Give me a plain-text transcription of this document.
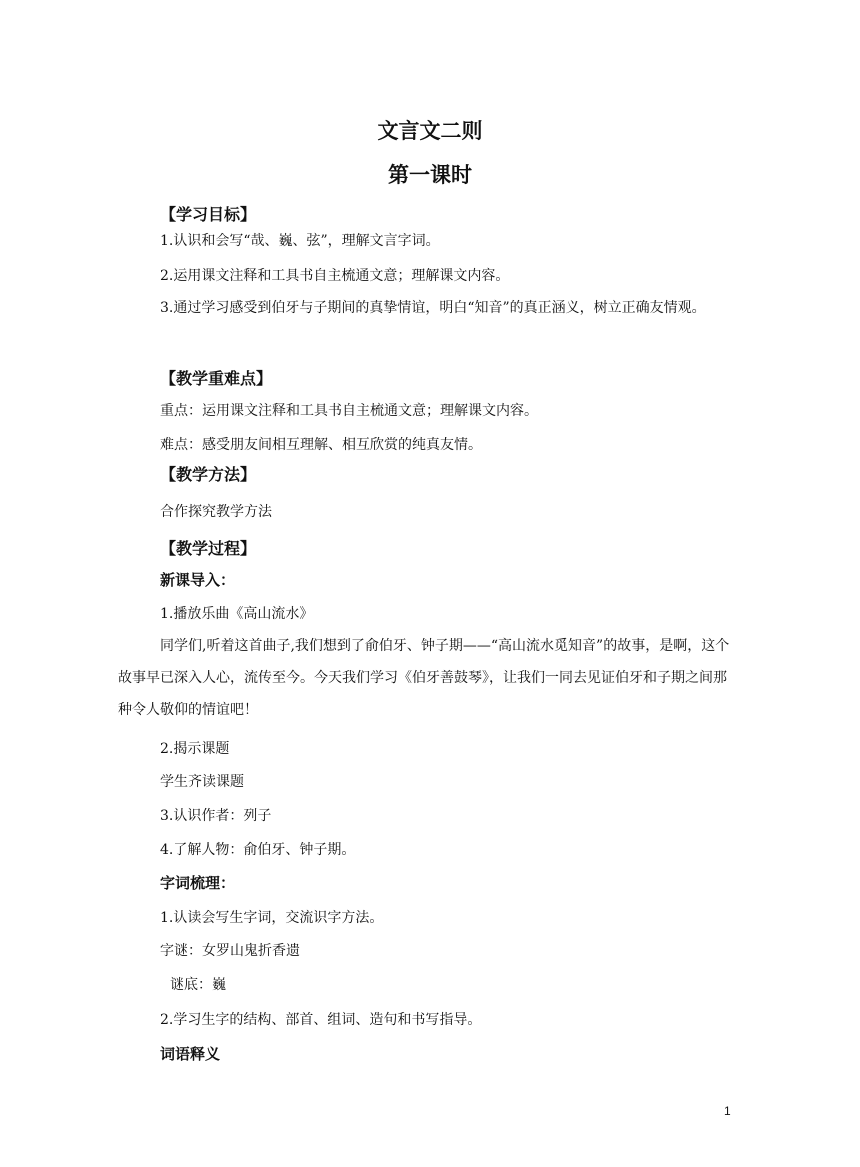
文言文二则
第一课时
【学习目标】

1.认识和会写“哉、巍、弦”，理解文言字词。

2.运用课文注释和工具书自主梳通文意；理解课文内容。

3.通过学习感受到伯牙与子期间的真挚情谊，明白“知音”的真正涵义，树立正确友情观。

【教学重难点】

重点：运用课文注释和工具书自主梳通文意；理解课文内容。

难点：感受朋友间相互理解、相互欣赏的纯真友情。

【教学方法】

合作探究教学方法

【教学过程】
新课导入：

1.播放乐曲《高山流水》

同学们,听着这首曲子,我们想到了俞伯牙、钟子期——“高山流水觅知音”的故事，是啊，这个故事早已深入人心，流传至今。今天我们学习《伯牙善鼓琴》，让我们一同去见证伯牙和子期之间那种令人敬仰的情谊吧！

2.揭示课题

学生齐读课题

3.认识作者：列子

4.了解人物：俞伯牙、钟子期。

字词梳理：

1.认读会写生字词，交流识字方法。

字谜：女罗山鬼折香遗

谜底：巍

2.学习生字的结构、部首、组词、造句和书写指导。

词语释义
1
